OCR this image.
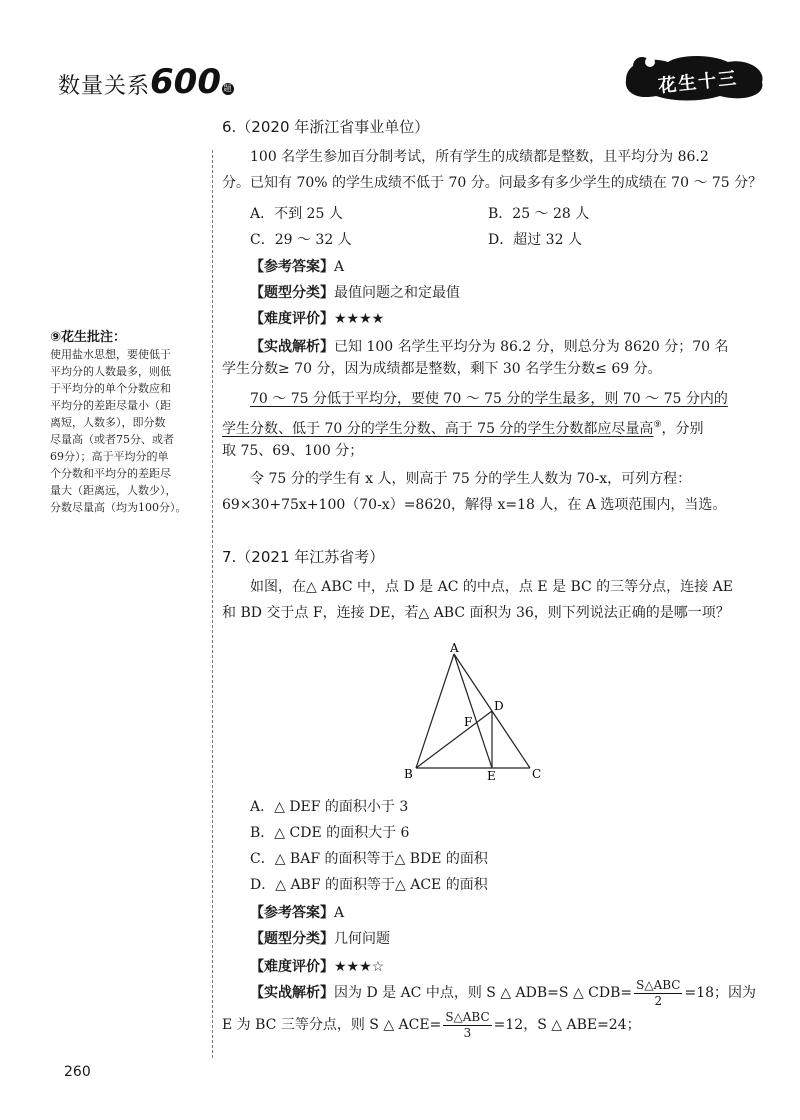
数量关系600 题	花生十三
⑨花生批注：
使用盐水思想，要使低于
平均分的人数最多，则低
于平均分的单个分数应和
平均分的差距尽量小（距
离短，人数多），即分数
尽量高（或者75分、或者
69分）；高于平均分的单
个分数和平均分的差距尽
量大（距离远，人数少），
分数尽量高（均为100分）。
6.（2020 年浙江省事业单位）
100 名学生参加百分制考试，所有学生的成绩都是整数，且平均分为 86.2
分。已知有 70% 的学生成绩不低于 70 分。问最多有多少学生的成绩在 70 ～ 75 分？
A．不到 25 人	B．25 ～ 28 人
C．29 ～ 32 人	D．超过 32 人
【参考答案】A
【题型分类】最值问题之和定最值
【难度评价】★★★★
【实战解析】已知 100 名学生平均分为 86.2 分，则总分为 8620 分；70 名
学生分数≥ 70 分，因为成绩都是整数，剩下 30 名学生分数≤ 69 分。
70 ～ 75 分低于平均分，要使 70 ～ 75 分的学生最多，则 70 ～ 75 分内的
学生分数、低于 70 分的学生分数、高于 75 分的学生分数都应尽量高⑨，分别
取 75、69、100 分；
令 75 分的学生有 x 人，则高于 75 分的学生人数为 70-x，可列方程：
69×30+75x+100（70-x）=8620，解得 x=18 人，在 A 选项范围内，当选。
7.（2021 年江苏省考）
如图，在△ ABC 中，点 D 是 AC 的中点，点 E 是 BC 的三等分点，连接 AE
和 BD 交于点 F，连接 DE，若△ ABC 面积为 36，则下列说法正确的是哪一项？
A
B	C
D
E
F
A．△ DEF 的面积小于 3
B．△ CDE 的面积大于 6
C．△ BAF 的面积等于△ BDE 的面积
D．△ ABF 的面积等于△ ACE 的面积
【参考答案】A
【题型分类】几何问题
【难度评价】★★★☆
【实战解析】因为 D 是 AC 中点，则 S △ ADB=S △ $CDB= \frac{\text{S△ABC}}{2} =18$；因为
E 为 BC 三等分点，则 S △ $ACE= \frac{\text{S△ABC}}{3} =12$，S △ ABE=24；
260
